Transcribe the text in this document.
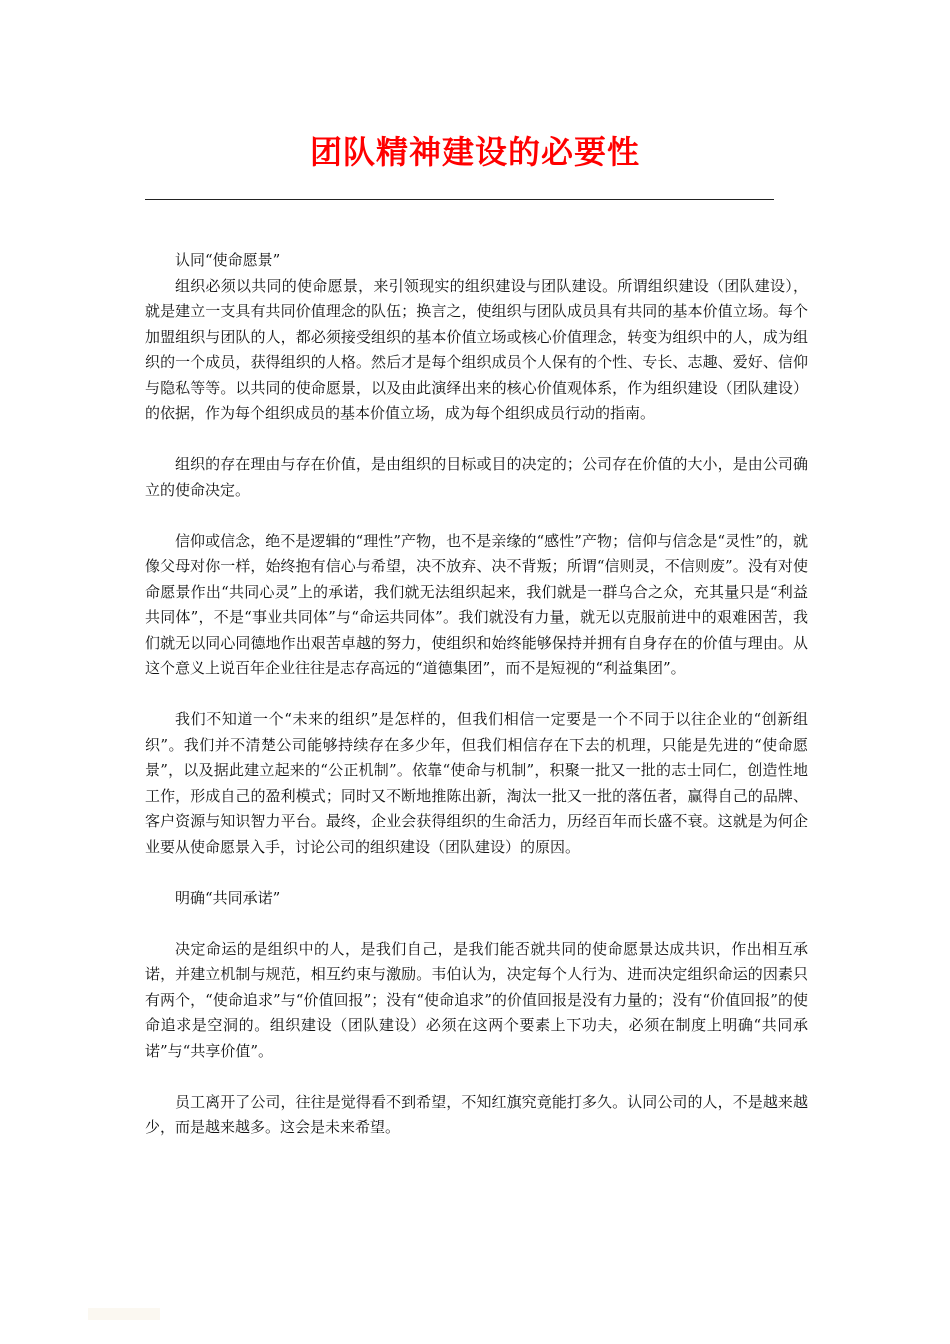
团队精神建设的必要性

认同“使命愿景”

组织必须以共同的使命愿景，来引领现实的组织建设与团队建设。所谓组织建设（团队建设），就是建立一支具有共同价值理念的队伍；换言之，使组织与团队成员具有共同的基本价值立场。每个加盟组织与团队的人，都必须接受组织的基本价值立场或核心价值理念，转变为组织中的人，成为组织的一个成员，获得组织的人格。然后才是每个组织成员个人保有的个性、专长、志趣、爱好、信仰与隐私等等。以共同的使命愿景，以及由此演绎出来的核心价值观体系，作为组织建设（团队建设）的依据，作为每个组织成员的基本价值立场，成为每个组织成员行动的指南。

组织的存在理由与存在价值，是由组织的目标或目的决定的；公司存在价值的大小，是由公司确立的使命决定。

信仰或信念，绝不是逻辑的“理性”产物，也不是亲缘的“感性”产物；信仰与信念是“灵性”的，就像父母对你一样，始终抱有信心与希望，决不放弃、决不背叛；所谓“信则灵，不信则废”。没有对使命愿景作出“共同心灵”上的承诺，我们就无法组织起来，我们就是一群乌合之众，充其量只是“利益共同体”，不是“事业共同体”与“命运共同体”。我们就没有力量，就无以克服前进中的艰难困苦，我们就无以同心同德地作出艰苦卓越的努力，使组织和始终能够保持并拥有自身存在的价值与理由。从这个意义上说百年企业往往是志存高远的“道德集团”，而不是短视的“利益集团”。

我们不知道一个“未来的组织”是怎样的，但我们相信一定要是一个不同于以往企业的“创新组织”。我们并不清楚公司能够持续存在多少年，但我们相信存在下去的机理，只能是先进的“使命愿景”，以及据此建立起来的“公正机制”。依靠“使命与机制”，积聚一批又一批的志士同仁，创造性地工作，形成自己的盈利模式；同时又不断地推陈出新，淘汰一批又一批的落伍者，赢得自己的品牌、客户资源与知识智力平台。最终，企业会获得组织的生命活力，历经百年而长盛不衰。这就是为何企业要从使命愿景入手，讨论公司的组织建设（团队建设）的原因。

明确“共同承诺”

决定命运的是组织中的人，是我们自己，是我们能否就共同的使命愿景达成共识，作出相互承诺，并建立机制与规范，相互约束与激励。韦伯认为，决定每个人行为、进而决定组织命运的因素只有两个，“使命追求”与“价值回报”；没有“使命追求”的价值回报是没有力量的；没有“价值回报”的使命追求是空洞的。组织建设（团队建设）必须在这两个要素上下功夫，必须在制度上明确“共同承诺”与“共享价值”。

员工离开了公司，往往是觉得看不到希望，不知红旗究竟能打多久。认同公司的人，不是越来越少，而是越来越多。这会是未来希望。
